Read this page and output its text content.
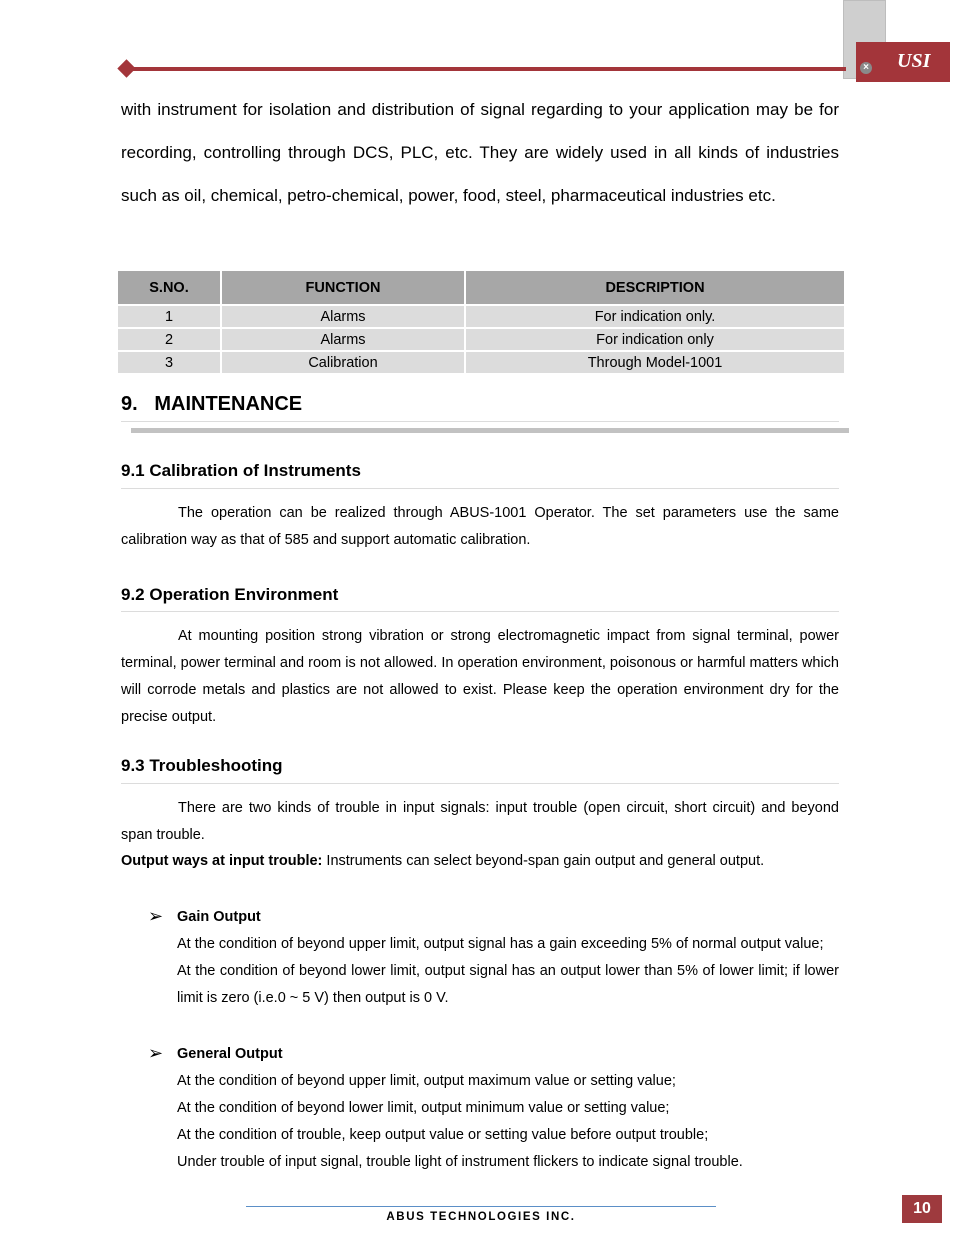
USI
×

with instrument for isolation and distribution of signal regarding to your application may be for recording, controlling through DCS, PLC, etc. They are widely used in all kinds of industries such as oil, chemical, petro-chemical, power, food, steel, pharmaceutical industries etc.

S.NO.	FUNCTION	DESCRIPTION
1	Alarms	For indication only.
2	Alarms	For indication only
3	Calibration	Through Model-1001
9.   MAINTENANCE
9.1 Calibration of Instruments

The operation can be realized through ABUS-1001 Operator. The set parameters use the same calibration way as that of 585 and support automatic calibration.

9.2 Operation Environment

At mounting position strong vibration or strong electromagnetic impact from signal terminal, power terminal, power terminal and room is not allowed. In operation environment, poisonous or harmful matters which will corrode metals and plastics are not allowed to exist. Please keep the operation environment dry for the precise output.

9.3 Troubleshooting

There are two kinds of trouble in input signals: input trouble (open circuit, short circuit) and beyond span trouble.

Output ways at input trouble: Instruments can select beyond-span gain output and general output.

➢ Gain Output

At the condition of beyond upper limit, output signal has a gain exceeding 5% of normal output value;

At the condition of beyond lower limit, output signal has an output lower than 5% of lower limit; if lower limit is zero (i.e.0 ~ 5 V) then output is 0 V.

➢ General Output

At the condition of beyond upper limit, output maximum value or setting value;

At the condition of beyond lower limit, output minimum value or setting value;

At the condition of trouble, keep output value or setting value before output trouble;

Under trouble of input signal, trouble light of instrument flickers to indicate signal trouble.

ABUS TECHNOLOGIES INC.	10
